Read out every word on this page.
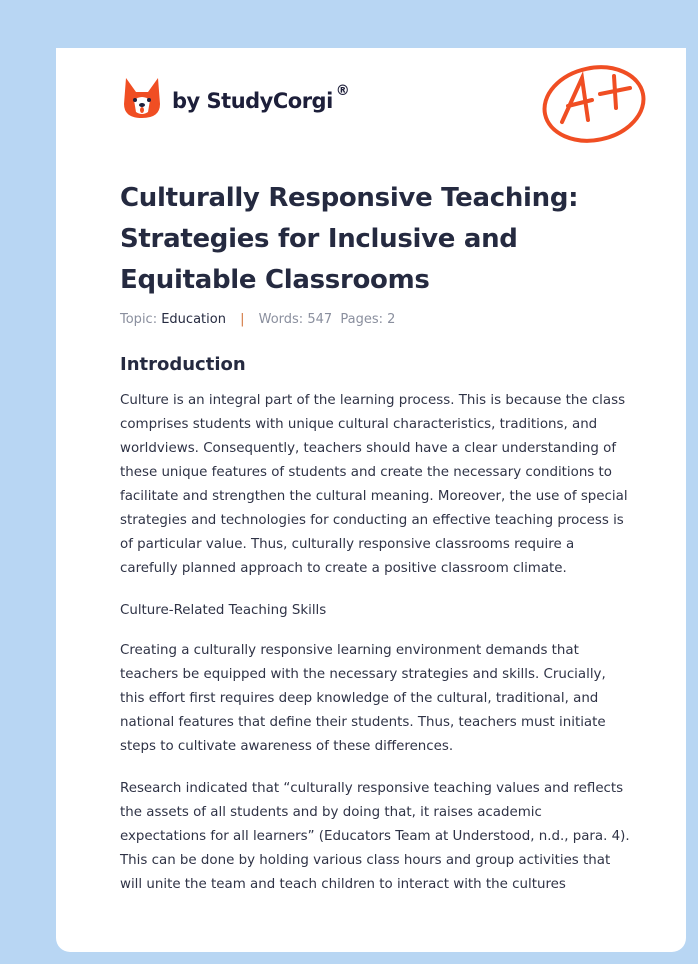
by StudyCorgi ®
Culturally Responsive Teaching: Strategies for Inclusive and Equitable Classrooms
Topic: Education | Words: 547 Pages: 2
Introduction

Culture is an integral part of the learning process. This is because the class comprises students with unique cultural characteristics, traditions, and worldviews. Consequently, teachers should have a clear understanding of these unique features of students and create the necessary conditions to facilitate and strengthen the cultural meaning. Moreover, the use of special strategies and technologies for conducting an effective teaching process is of particular value. Thus, culturally responsive classrooms require a carefully planned approach to create a positive classroom climate.

Culture-Related Teaching Skills

Creating a culturally responsive learning environment demands that teachers be equipped with the necessary strategies and skills. Crucially, this effort first requires deep knowledge of the cultural, traditional, and national features that define their students. Thus, teachers must initiate steps to cultivate awareness of these differences.

Research indicated that “culturally responsive teaching values and reflects the assets of all students and by doing that, it raises academic expectations for all learners” (Educators Team at Understood, n.d., para. 4). This can be done by holding various class hours and group activities that will unite the team and teach children to interact with the cultures
